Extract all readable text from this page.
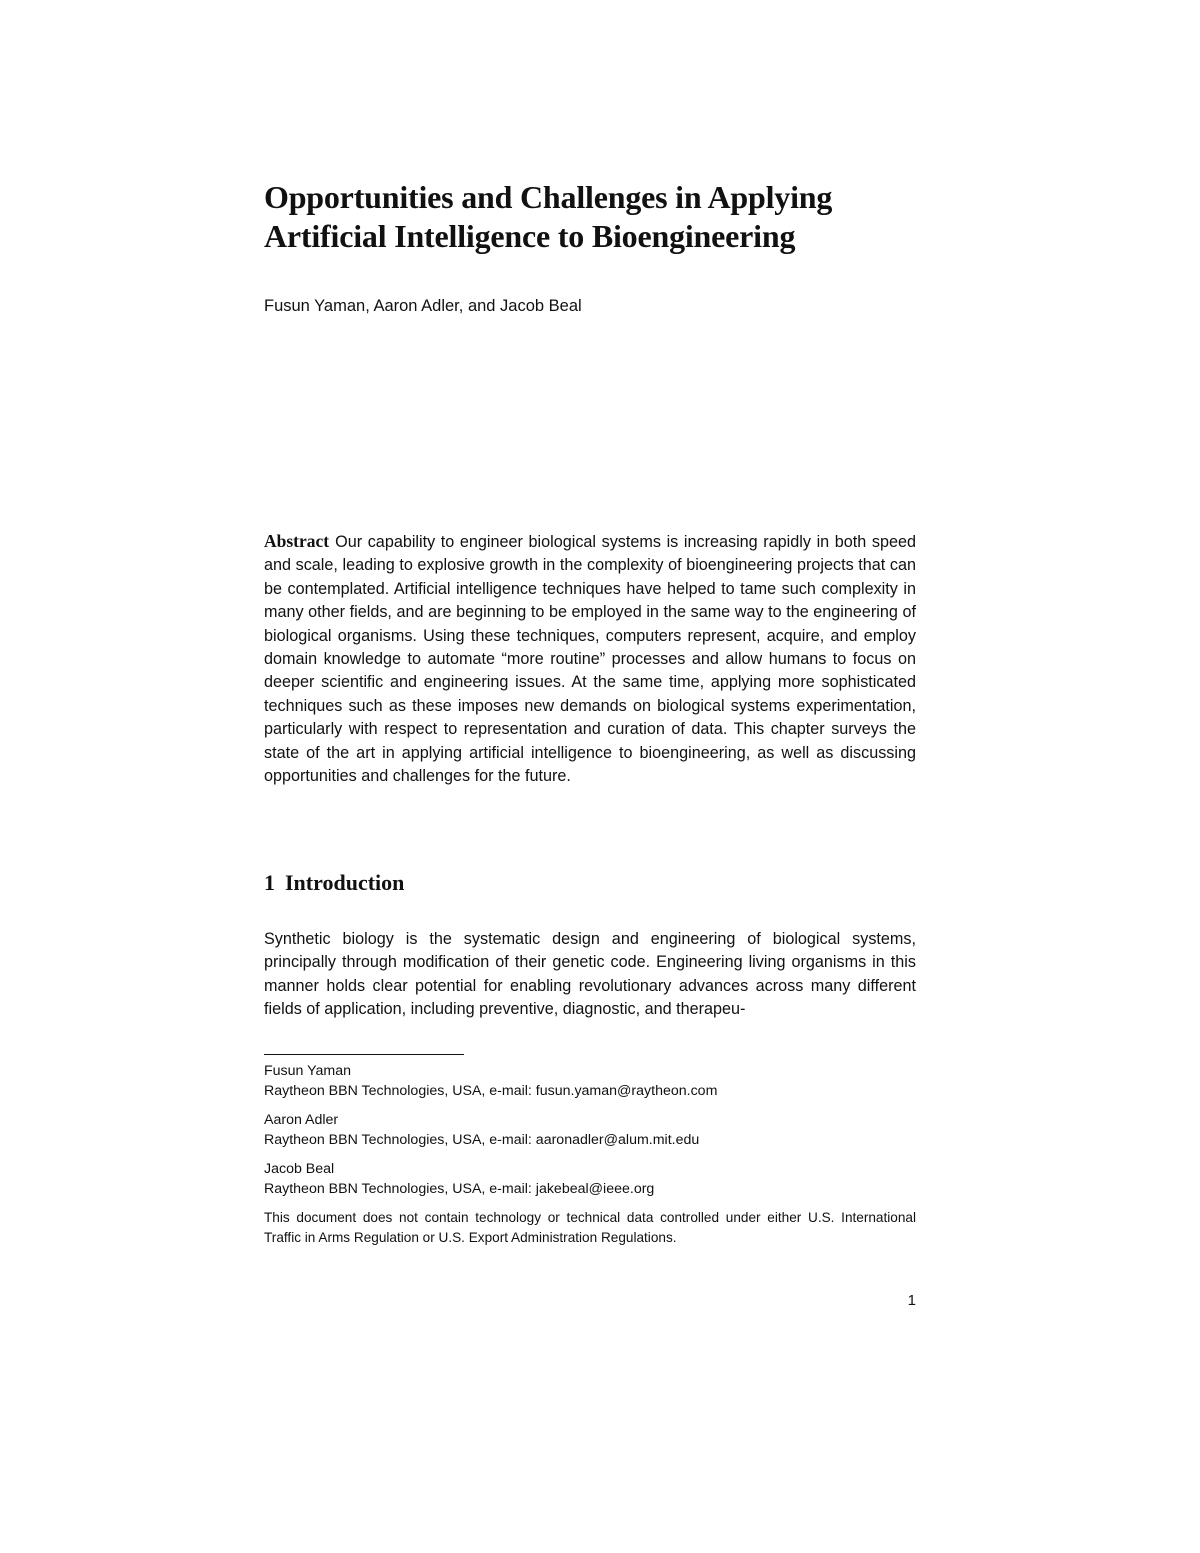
Opportunities and Challenges in Applying
Artificial Intelligence to Bioengineering
Fusun Yaman, Aaron Adler, and Jacob Beal

Abstract Our capability to engineer biological systems is increasing rapidly in both speed and scale, leading to explosive growth in the complexity of bioengineering projects that can be contemplated. Artificial intelligence techniques have helped to tame such complexity in many other fields, and are beginning to be employed in the same way to the engineering of biological organisms. Using these techniques, computers represent, acquire, and employ domain knowledge to automate “more routine” processes and allow humans to focus on deeper scientific and engineering issues. At the same time, applying more sophisticated techniques such as these imposes new demands on biological systems experimentation, particularly with respect to representation and curation of data. This chapter surveys the state of the art in applying artificial intelligence to bioengineering, as well as discussing opportunities and challenges for the future.

1 Introduction

Synthetic biology is the systematic design and engineering of biological systems, principally through modification of their genetic code. Engineering living organisms in this manner holds clear potential for enabling revolutionary advances across many different fields of application, including preventive, diagnostic, and therapeu-

Fusun Yaman
Raytheon BBN Technologies, USA, e-mail: fusun.yaman@raytheon.com
Aaron Adler
Raytheon BBN Technologies, USA, e-mail: aaronadler@alum.mit.edu
Jacob Beal
Raytheon BBN Technologies, USA, e-mail: jakebeal@ieee.org

This document does not contain technology or technical data controlled under either U.S. International Traffic in Arms Regulation or U.S. Export Administration Regulations.

1
